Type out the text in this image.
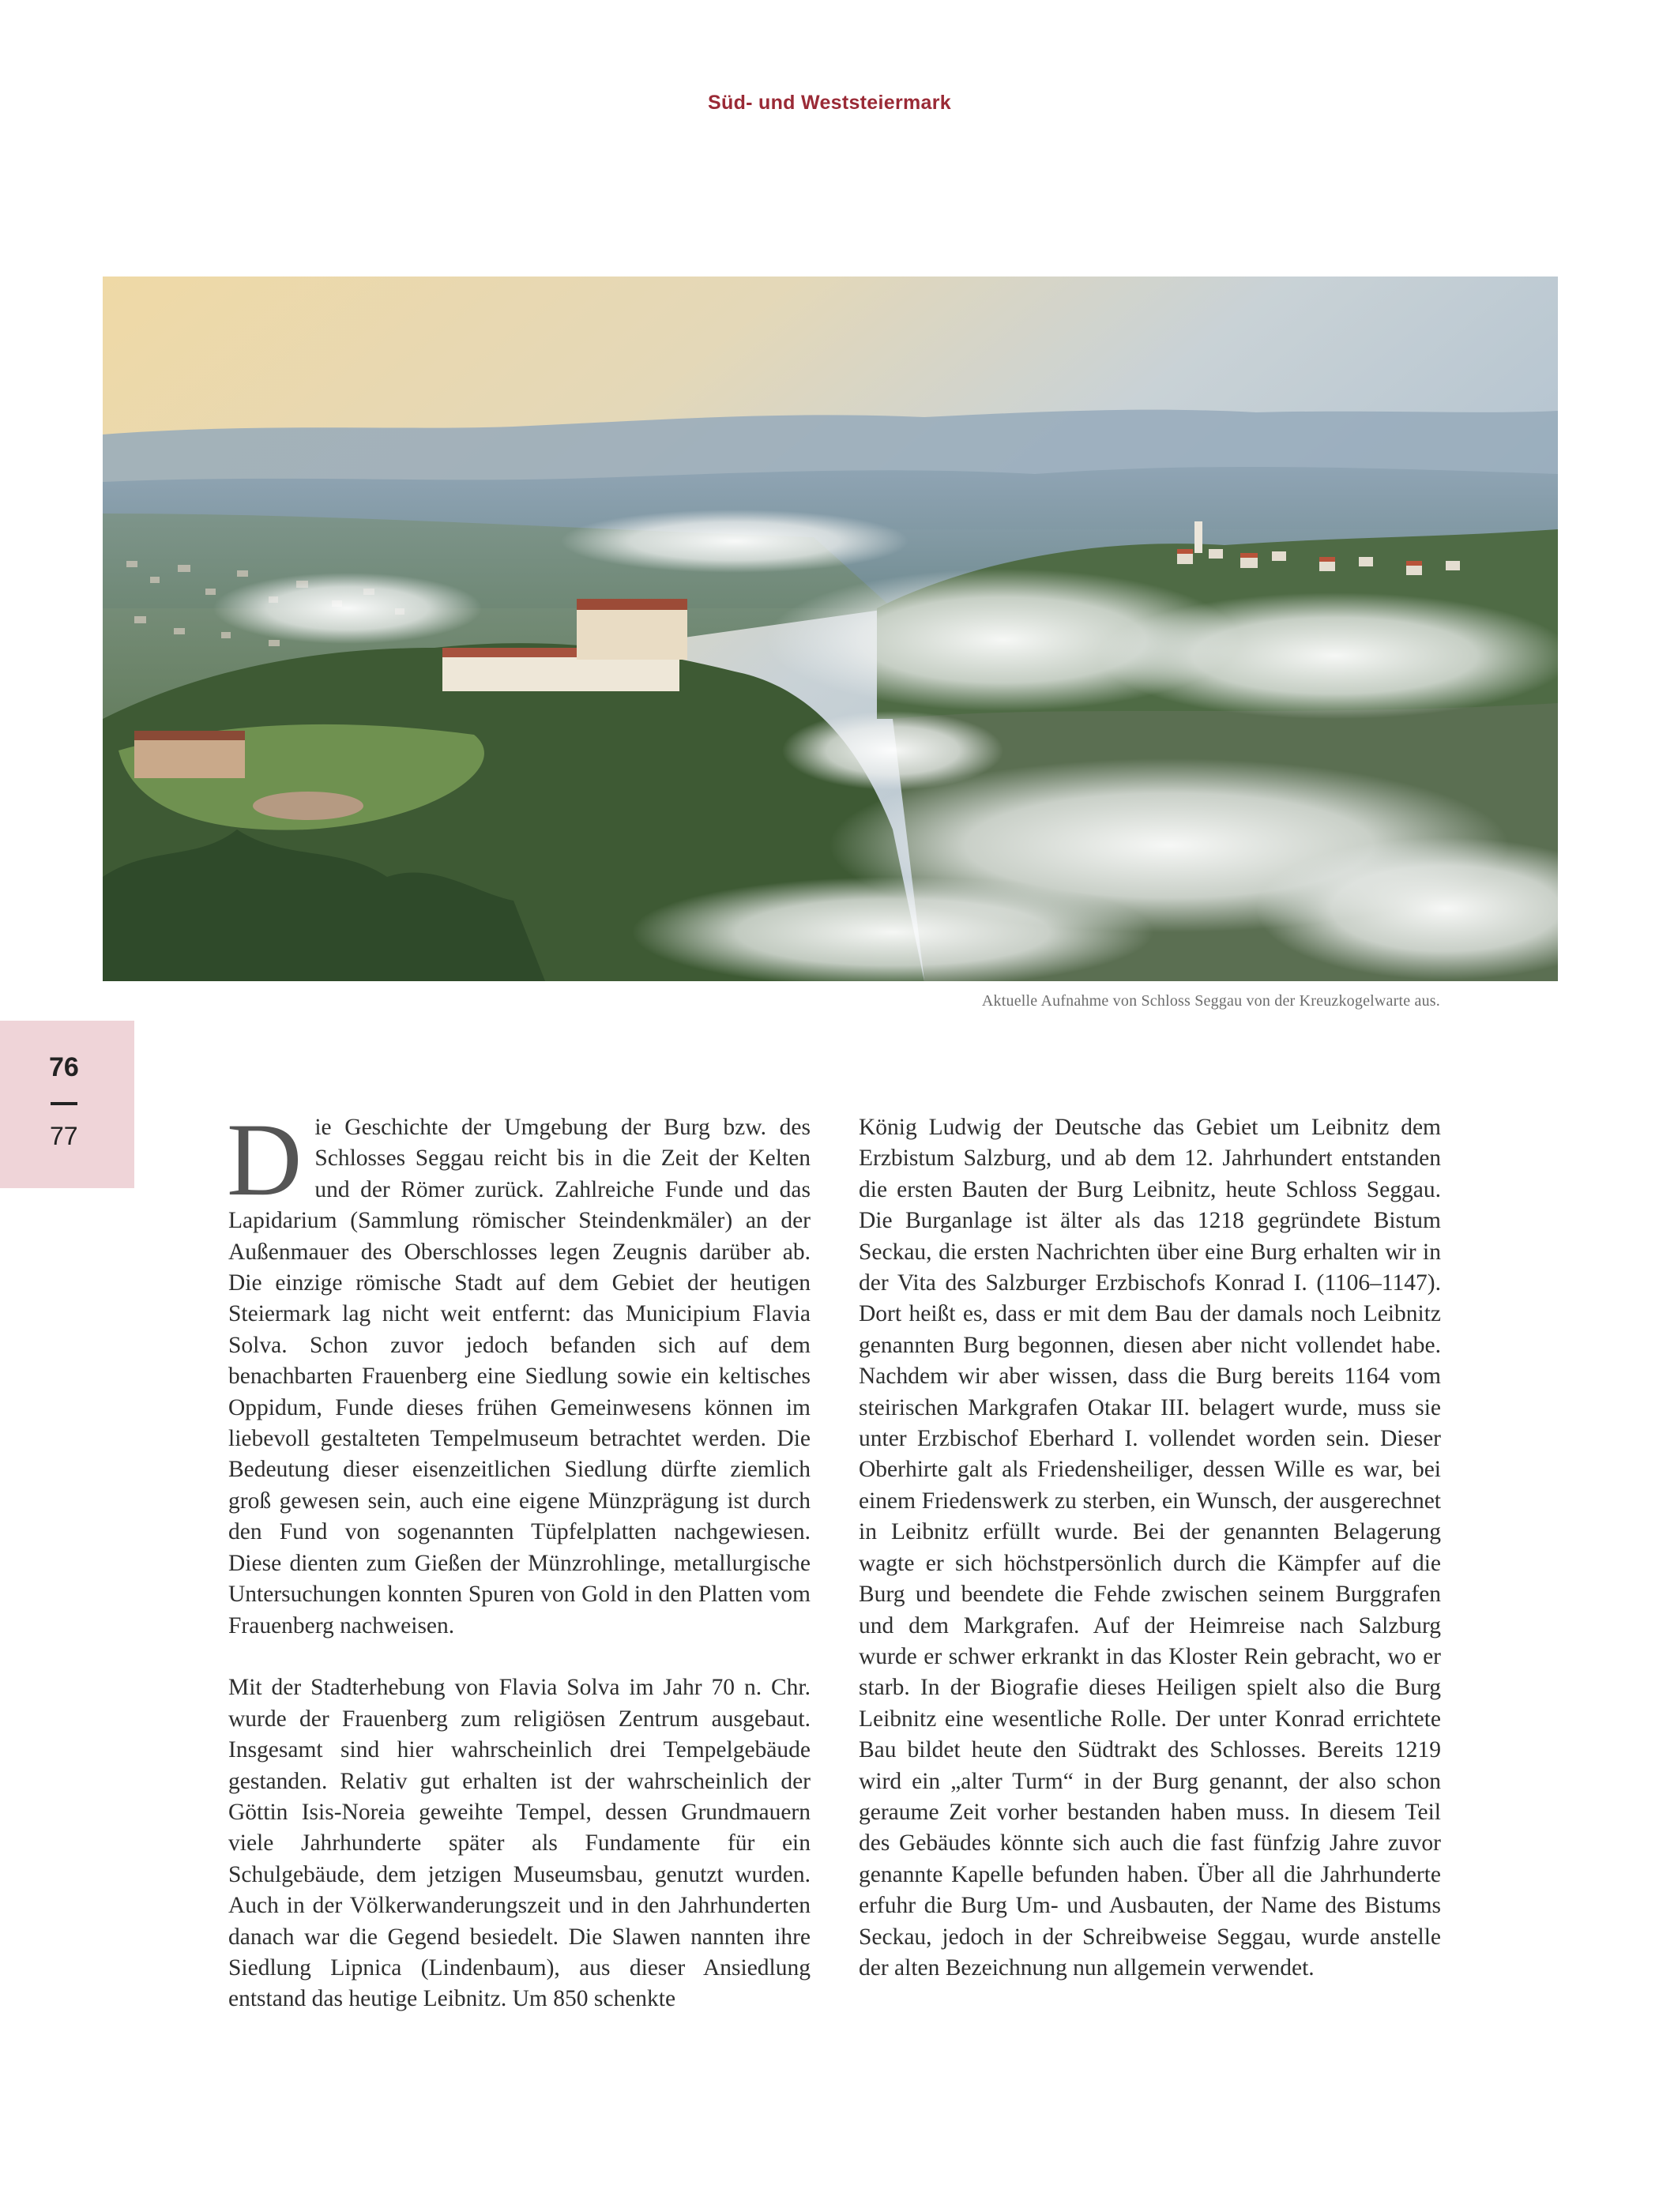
Süd- und Weststeiermark
Aktuelle Aufnahme von Schloss Seggau von der Kreuzkogelwarte aus.
76
77 Die Geschichte der Umgebung der Burg bzw. des Schlosses Seggau reicht bis in die Zeit der Kelten und der Römer zurück. Zahlreiche Funde und das Lapidarium (Sammlung römischer Steindenkmäler) an der Außenmauer des Oberschlosses legen Zeugnis darüber ab. Die einzige römische Stadt auf dem Gebiet der heutigen Steiermark lag nicht weit entfernt: das Municipium Flavia Solva. Schon zuvor jedoch befanden sich auf dem benachbarten Frauenberg eine Siedlung sowie ein keltisches Oppidum, Funde dieses frühen Gemeinwesens können im liebevoll gestalteten Tempelmuseum betrachtet werden. Die Bedeutung dieser eisenzeitlichen Siedlung dürfte ziemlich groß gewesen sein, auch eine eigene Münzprägung ist durch den Fund von sogenannten Tüpfelplatten nachgewiesen. Diese dienten zum Gießen der Münzrohlinge, metallurgische Untersuchungen konnten Spuren von Gold in den Platten vom Frauenberg nachweisen.

Mit der Stadterhebung von Flavia Solva im Jahr 70 n. Chr. wurde der Frauenberg zum religiösen Zentrum ausgebaut. Insgesamt sind hier wahrscheinlich drei Tempelgebäude gestanden. Relativ gut erhalten ist der wahrscheinlich der Göttin Isis-Noreia geweihte Tempel, dessen Grundmauern viele Jahrhunderte später als Fundamente für ein Schulgebäude, dem jetzigen Museumsbau, genutzt wurden. Auch in der Völkerwanderungszeit und in den Jahrhunderten danach war die Gegend besiedelt. Die Slawen nannten ihre Siedlung Lipnica (Lindenbaum), aus dieser Ansiedlung entstand das heutige Leibnitz. Um 850 schenkte

König Ludwig der Deutsche das Gebiet um Leibnitz dem Erzbistum Salzburg, und ab dem 12. Jahrhundert entstanden die ersten Bauten der Burg Leibnitz, heute Schloss Seggau. Die Burganlage ist älter als das 1218 gegründete Bistum Seckau, die ersten Nachrichten über eine Burg erhalten wir in der Vita des Salzburger Erzbischofs Konrad I. (1106–1147). Dort heißt es, dass er mit dem Bau der damals noch Leibnitz genannten Burg begonnen, diesen aber nicht vollendet habe. Nachdem wir aber wissen, dass die Burg bereits 1164 vom steirischen Markgrafen Otakar III. belagert wurde, muss sie unter Erzbischof Eberhard I. vollendet worden sein. Dieser Oberhirte galt als Friedensheiliger, dessen Wille es war, bei einem Friedenswerk zu sterben, ein Wunsch, der ausgerechnet in Leibnitz erfüllt wurde. Bei der genannten Belagerung wagte er sich höchstpersönlich durch die Kämpfer auf die Burg und beendete die Fehde zwischen seinem Burggrafen und dem Markgrafen. Auf der Heimreise nach Salzburg wurde er schwer erkrankt in das Kloster Rein gebracht, wo er starb. In der Biografie dieses Heiligen spielt also die Burg Leibnitz eine wesentliche Rolle. Der unter Konrad errichtete Bau bildet heute den Südtrakt des Schlosses. Bereits 1219 wird ein „alter Turm“ in der Burg genannt, der also schon geraume Zeit vorher bestanden haben muss. In diesem Teil des Gebäudes könnte sich auch die fast fünfzig Jahre zuvor genannte Kapelle befunden haben. Über all die Jahrhunderte erfuhr die Burg Um- und Ausbauten, der Name des Bistums Seckau, jedoch in der Schreibweise Seggau, wurde anstelle der alten Bezeichnung nun allgemein verwendet.
